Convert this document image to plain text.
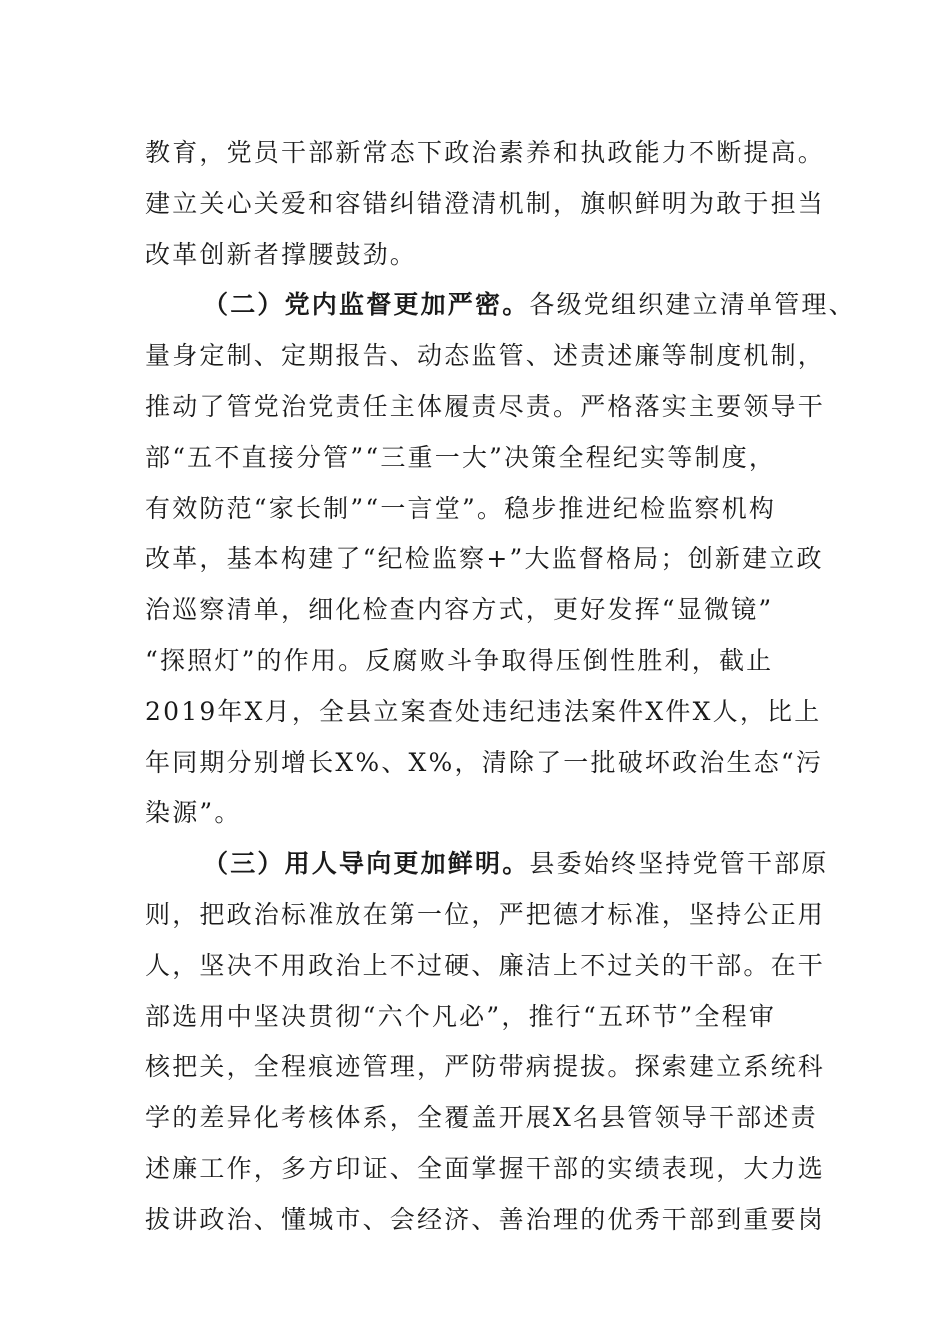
教育，党员干部新常态下政治素养和执政能力不断提高。
建立关心关爱和容错纠错澄清机制，旗帜鲜明为敢于担当
改革创新者撑腰鼓劲。
（二）党内监督更加严密。各级党组织建立清单管理、
量身定制、定期报告、动态监管、述责述廉等制度机制，
推动了管党治党责任主体履责尽责。严格落实主要领导干
部“五不直接分管”“三重一大”决策全程纪实等制度，
有效防范“家长制”“一言堂”。稳步推进纪检监察机构
改革，基本构建了“纪检监察+”大监督格局；创新建立政
治巡察清单，细化检查内容方式，更好发挥“显微镜”
“探照灯”的作用。反腐败斗争取得压倒性胜利，截止
2019年X月，全县立案查处违纪违法案件X件X人，比上
年同期分别增长X%、X%，清除了一批破坏政治生态“污
染源”。
（三）用人导向更加鲜明。县委始终坚持党管干部原
则，把政治标准放在第一位，严把德才标准，坚持公正用
人，坚决不用政治上不过硬、廉洁上不过关的干部。在干
部选用中坚决贯彻“六个凡必”，推行“五环节”全程审
核把关，全程痕迹管理，严防带病提拔。探索建立系统科
学的差异化考核体系，全覆盖开展X名县管领导干部述责
述廉工作，多方印证、全面掌握干部的实绩表现，大力选
拔讲政治、懂城市、会经济、善治理的优秀干部到重要岗
